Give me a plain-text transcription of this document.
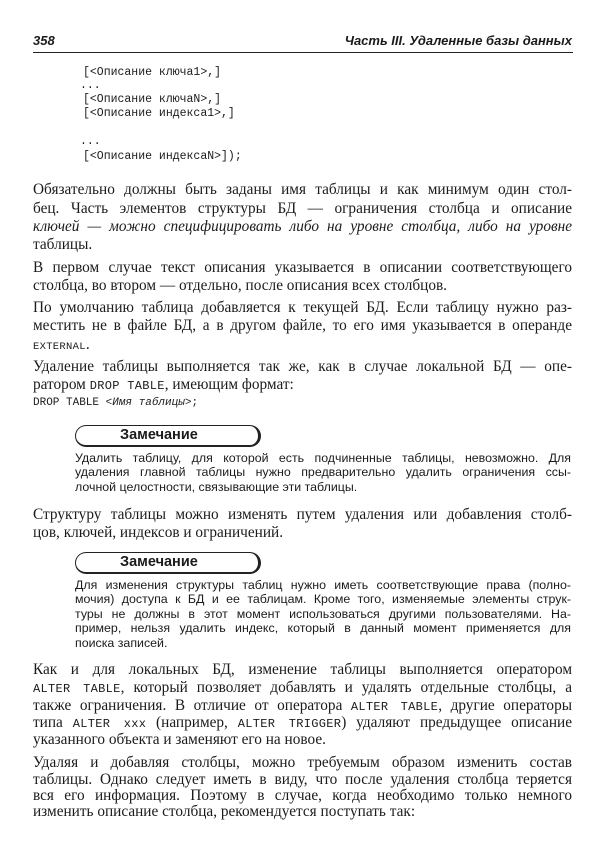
358	Часть III. Удаленные базы данных
[<Описание ключа1>,]
...
[<Описание ключаN>,]
[<Описание индекса1>,]
...
[<Описание индексаN>]);
Обязательно должны быть заданы имя таблицы и как минимум один стол-
бец. Часть элементов структуры БД — ограничения столбца и описание
ключей — можно специфицировать либо на уровне столбца, либо на уровне
таблицы.
В первом случае текст описания указывается в описании соответствующего
столбца, во втором — отдельно, после описания всех столбцов.
По умолчанию таблица добавляется к текущей БД. Если таблицу нужно раз-
местить не в файле БД, а в другом файле, то его имя указывается в операнде
EXTERNAL.
Удаление таблицы выполняется так же, как в случае локальной БД — опе-
ратором DROP TABLE, имеющим формат:
DROP TABLE <Имя таблицы>;
Замечание
Удалить таблицу, для которой есть подчиненные таблицы, невозможно. Для
удаления главной таблицы нужно предварительно удалить ограничения ссы-
лочной целостности, связывающие эти таблицы.
Структуру таблицы можно изменять путем удаления или добавления столб-
цов, ключей, индексов и ограничений.
Замечание
Для изменения структуры таблиц нужно иметь соответствующие права (полно-
мочия) доступа к БД и ее таблицам. Кроме того, изменяемые элементы струк-
туры не должны в этот момент использоваться другими пользователями. На-
пример, нельзя удалить индекс, который в данный момент применяется для
поиска записей.
Как и для локальных БД, изменение таблицы выполняется оператором
ALTER TABLE, который позволяет добавлять и удалять отдельные столбцы, а
также ограничения. В отличие от оператора ALTER TABLE, другие операторы
типа ALTER xxx (например, ALTER TRIGGER) удаляют предыдущее описание
указанного объекта и заменяют его на новое.
Удаляя и добавляя столбцы, можно требуемым образом изменить состав
таблицы. Однако следует иметь в виду, что после удаления столбца теряется
вся его информация. Поэтому в случае, когда необходимо только немного
изменить описание столбца, рекомендуется поступать так:
